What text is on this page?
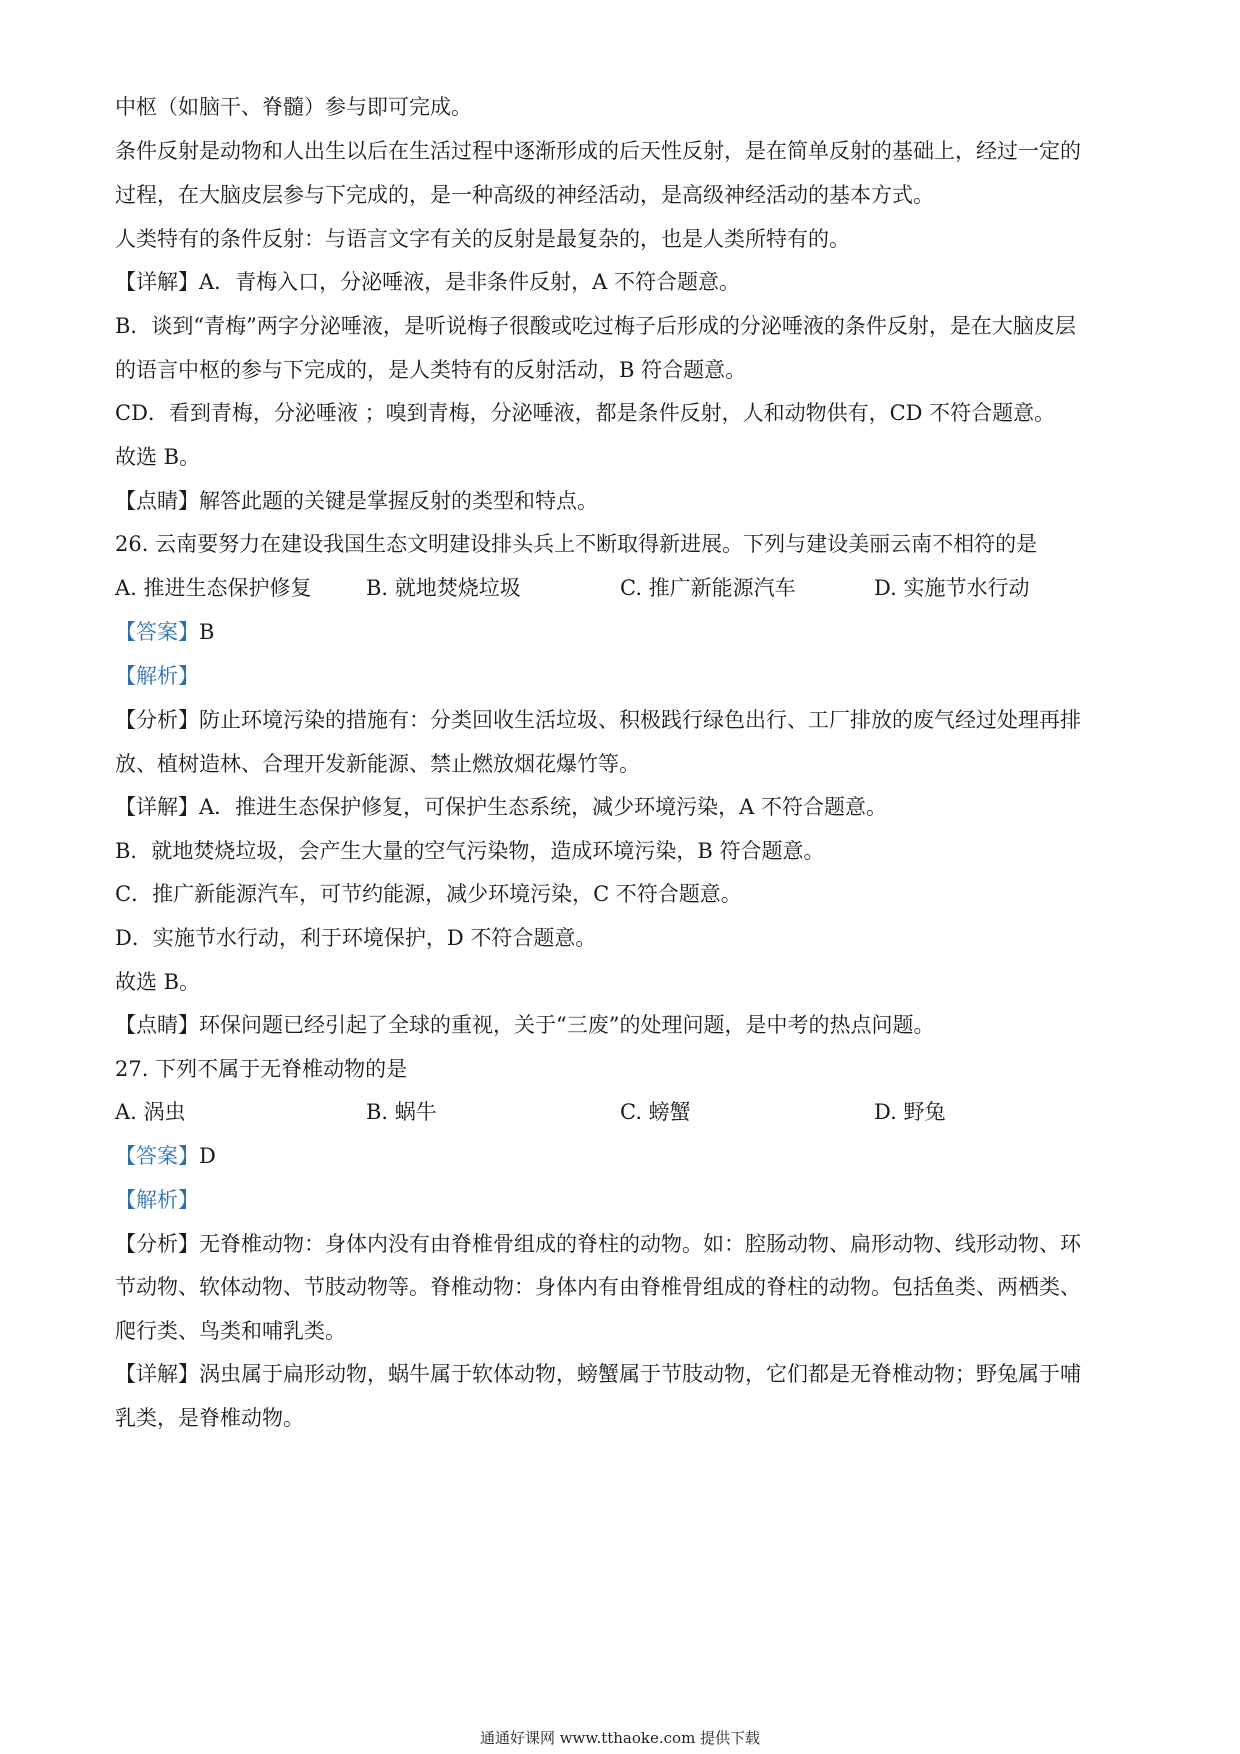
中枢（如脑干、脊髓）参与即可完成。
条件反射是动物和人出生以后在生活过程中逐渐形成的后天性反射，是在简单反射的基础上，经过一定的
过程，在大脑皮层参与下完成的，是一种高级的神经活动，是高级神经活动的基本方式。
人类特有的条件反射：与语言文字有关的反射是最复杂的，也是人类所特有的。
【详解】A．青梅入口，分泌唾液，是非条件反射，A 不符合题意。
B．谈到“青梅”两字分泌唾液，是听说梅子很酸或吃过梅子后形成的分泌唾液的条件反射，是在大脑皮层
的语言中枢的参与下完成的，是人类特有的反射活动，B 符合题意。
CD．看到青梅，分泌唾液 ；嗅到青梅，分泌唾液，都是条件反射，人和动物供有，CD 不符合题意。
故选 B。
【点睛】解答此题的关键是掌握反射的类型和特点。
26. 云南要努力在建设我国生态文明建设排头兵上不断取得新进展。下列与建设美丽云南不相符的是
A. 推进生态保护修复	B. 就地焚烧垃圾	C. 推广新能源汽车	D. 实施节水行动
【答案】B
【解析】
【分析】防止环境污染的措施有：分类回收生活垃圾、积极践行绿色出行、工厂排放的废气经过处理再排
放、植树造林、合理开发新能源、禁止燃放烟花爆竹等。
【详解】A．推进生态保护修复，可保护生态系统，减少环境污染，A 不符合题意。
B．就地焚烧垃圾，会产生大量的空气污染物，造成环境污染，B 符合题意。
C．推广新能源汽车，可节约能源，减少环境污染，C 不符合题意。
D．实施节水行动，利于环境保护，D 不符合题意。
故选 B。
【点睛】环保问题已经引起了全球的重视，关于“三废”的处理问题，是中考的热点问题。
27. 下列不属于无脊椎动物的是
A. 涡虫	B. 蜗牛	C. 螃蟹	D. 野兔
【答案】D
【解析】
【分析】无脊椎动物：身体内没有由脊椎骨组成的脊柱的动物。如：腔肠动物、扁形动物、线形动物、环
节动物、软体动物、节肢动物等。脊椎动物：身体内有由脊椎骨组成的脊柱的动物。包括鱼类、两栖类、
爬行类、鸟类和哺乳类。
【详解】涡虫属于扁形动物，蜗牛属于软体动物，螃蟹属于节肢动物，它们都是无脊椎动物；野兔属于哺
乳类，是脊椎动物。
通通好课网 www.tthaoke.com 提供下载
